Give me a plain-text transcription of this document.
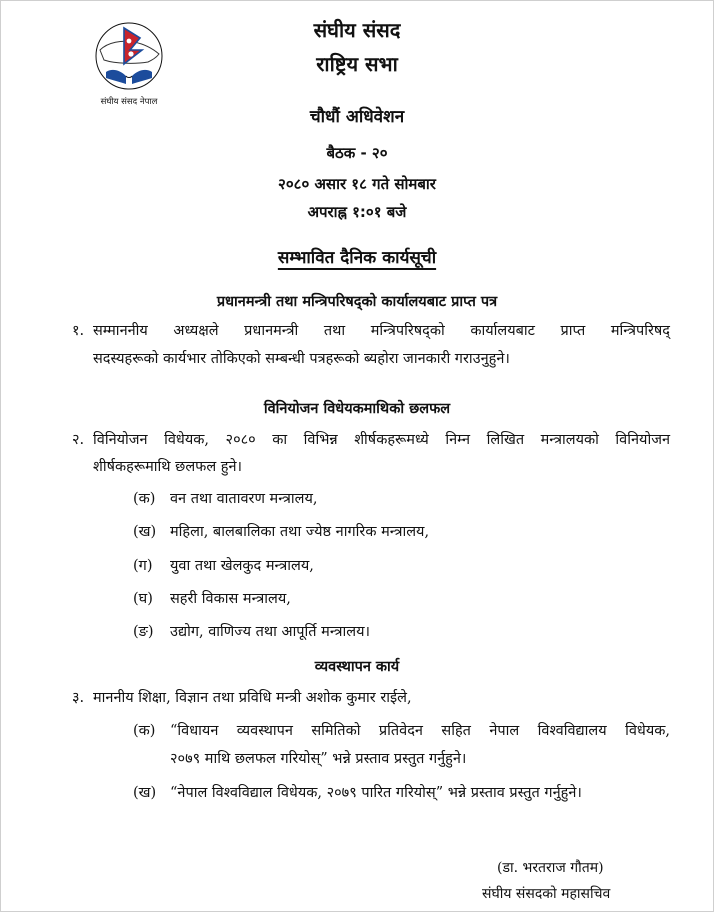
संघीय संसद नेपाल
संघीय संसद
राष्ट्रिय सभा
चौधौं अधिवेशन
बैठक - २०
२०८० असार १८ गते सोमबार
अपराह्न १:०१ बजे
सम्भावित दैनिक कार्यसूची
प्रधानमन्त्री तथा मन्त्रिपरिषद्को कार्यालयबाट प्राप्त पत्र
१. सम्माननीय अध्यक्षले प्रधानमन्त्री तथा मन्त्रिपरिषद्को कार्यालयबाट प्राप्त मन्त्रिपरिषद्
सदस्यहरूको कार्यभार तोकिएको सम्बन्धी पत्रहरूको ब्यहोरा जानकारी गराउनुहुने।
विनियोजन विधेयकमाथिको छलफल
२. विनियोजन विधेयक, २०८० का विभिन्न शीर्षकहरूमध्ये निम्न लिखित मन्त्रालयको विनियोजन
शीर्षकहरूमाथि छलफल हुने।
(क) वन तथा वातावरण मन्त्रालय,
(ख) महिला, बालबालिका तथा ज्येष्ठ नागरिक मन्त्रालय,
(ग) युवा तथा खेलकुद मन्त्रालय,
(घ) सहरी विकास मन्त्रालय,
(ङ) उद्योग, वाणिज्य तथा आपूर्ति मन्त्रालय।
व्यवस्थापन कार्य
३. माननीय शिक्षा, विज्ञान तथा प्रविधि मन्त्री अशोक कुमार राईले,
(क) “विधायन व्यवस्थापन समितिको प्रतिवेदन सहित नेपाल विश्वविद्यालय विधेयक,
२०७९ माथि छलफल गरियोस्” भन्ने प्रस्ताव प्रस्तुत गर्नुहुने।
(ख) “नेपाल विश्वविद्याल विधेयक, २०७९ पारित गरियोस्” भन्ने प्रस्ताव प्रस्तुत गर्नुहुने।
(डा. भरतराज गौतम)
संघीय संसदको महासचिव
